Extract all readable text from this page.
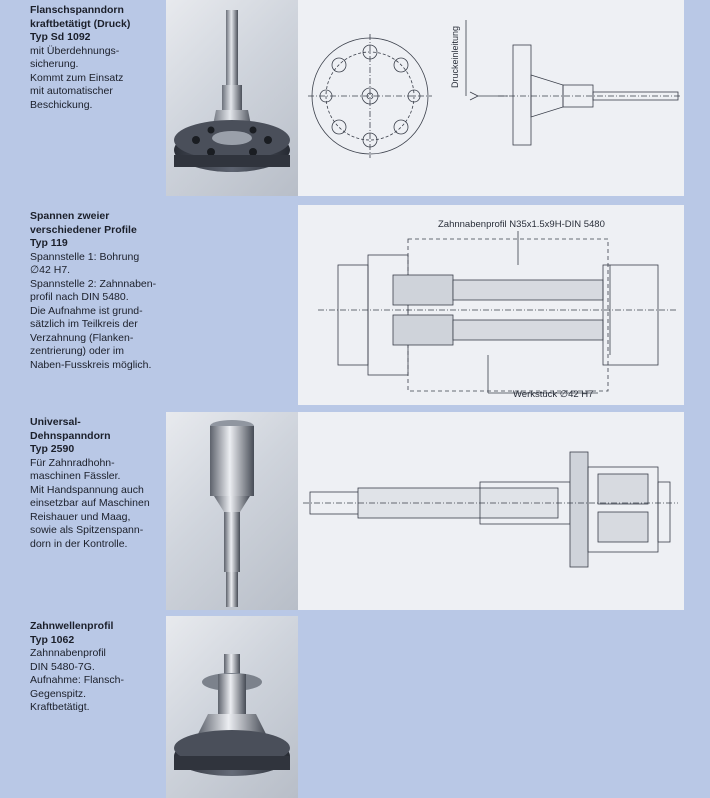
Flanschspanndorn
kraftbetätigt (Druck)
Typ Sd 1092
mit Überdehnungs-
sicherung.
Kommt zum Einsatz
mit automatischer
Beschickung.
Druckeinleitung
Spannen zweier
verschiedener Profile
Typ 119
Spannstelle 1: Bohrung
∅42 H7.
Spannstelle 2: Zahnnaben-
profil nach DIN 5480.
Die Aufnahme ist grund-
sätzlich im Teilkreis der
Verzahnung (Flanken-
zentrierung) oder im
Naben-Fusskreis möglich.
Zahnnabenprofil N35x1.5x9H-DIN 5480
Werkstück ∅42 H7
Universal-
Dehnspanndorn
Typ 2590
Für Zahnradhohn-
maschinen Fässler.
Mit Handspannung auch
einsetzbar auf Maschinen
Reishauer und Maag,
sowie als Spitzenspann-
dorn in der Kontrolle.
Zahnwellenprofil
Typ 1062
Zahnnabenprofil
DIN 5480-7G.
Aufnahme: Flansch-
Gegenspitz.
Kraftbetätigt.
